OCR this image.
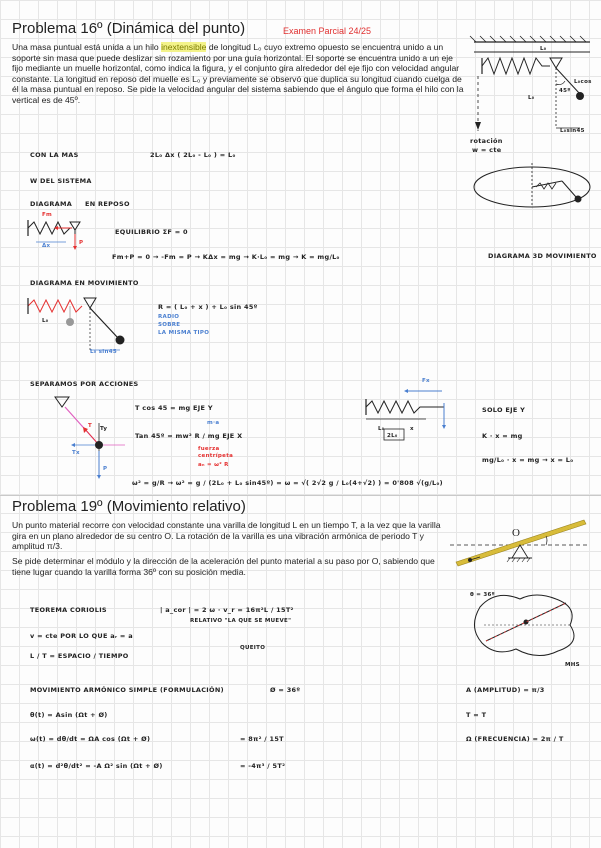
Problema 16º (Dinámica del punto)	Examen Parcial 24/25
Una masa puntual está unida a un hilo inextensible de longitud L₀ cuyo extremo opuesto se encuentra unido a un soporte sin masa que puede deslizar sin rozamiento por una guía horizontal. El soporte se encuentra unido a un eje fijo mediante un muelle horizontal, como indica la figura, y el conjunto gira alrededor del eje fijo con velocidad angular constante. La longitud en reposo del muelle es L₀ y previamente se observó que duplica su longitud cuando cuelga de él la masa puntual en reposo. Se pide la velocidad angular del sistema sabiendo que el ángulo que forma el hilo con la vertical es de 45º.
L₀
L₀cos
45º
L₀
L₀sin45
rotación
w = cte
CON LA MAS	2L₀ Δx ( 2L₀ - L₀ ) = L₀
W DEL SISTEMA
DIAGRAMA EN REPOSO
Fm
Δx	P
EQUILIBRIO ΣF = 0
Fm+P = 0 → -Fm = P → KΔx = mg → K·L₀ = mg → K = mg/L₀	DIAGRAMA 3D MOVIMIENTO
DIAGRAMA EN MOVIMIENTO
L₀
L₀ sin45
R = ( L₀ + x ) + L₀ sin 45º
RADIO
SOBRE
LA MISMA TIPO
SEPARAMOS POR ACCIONES
T
Tx
Ty
P
T cos 45 = mg EJE Y
Tan 45º = mw² R / mg EJE X
m·a
fuerza
centrípeta
aₙ = ω² R
Fx
L₀	x
2L₀
SOLO EJE Y
K · x = mg
mg/L₀ · x = mg → x = L₀
ω² = g/R → ω² = g / (2L₀ + L₀ sin45º) = ω = √( 2√2 g / L₀(4+√2) ) = 0'808 √(g/L₀)
Problema 19º (Movimiento relativo)
Un punto material recorre con velocidad constante una varilla de longitud L en un tiempo T, a la vez que la varilla gira en un plano alrededor de su centro O. La rotación de la varilla es una vibración armónica de periodo T y amplitud π/3.
Se pide determinar el módulo y la dirección de la aceleración del punto material a su paso por O, sabiendo que tiene lugar cuando la varilla forma 36º con su posición media.
O
TEOREMA CORIOLIS	| a_cor | = 2 ω · v_r = 16π²L / 15T²
RELATIVO "LA QUE SE MUEVE"
v = cte POR LO QUE aᵣ = a
L / T = ESPACIO / TIEMPO
QUEITO
θ = 36º
MHS
MOVIMIENTO ARMÓNICO SIMPLE (FORMULACIÓN)	Ø = 36º	A (AMPLITUD) = π/3
θ(t) = Asin (Ωt + Ø)	T = T
ω(t) = dθ/dt = ΩA cos (Ωt + Ø)	= 8π² / 15T	Ω (FRECUENCIA) = 2π / T
α(t) = d²θ/dt² = -A Ω² sin (Ωt + Ø)	= -4π³ / 5T²
